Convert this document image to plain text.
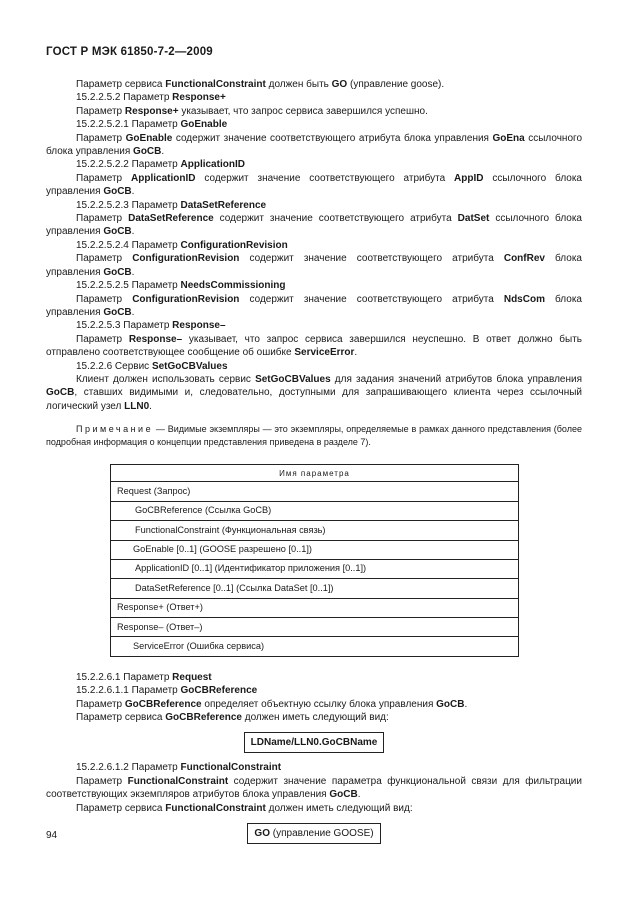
ГОСТ Р МЭК 61850-7-2—2009

Параметр сервиса FunctionalConstraint должен быть GO (управление goose).

15.2.2.5.2 Параметр Response+

Параметр Response+ указывает, что запрос сервиса завершился успешно.

15.2.2.5.2.1 Параметр GoEnable

Параметр GoEnable содержит значение соответствующего атрибута блока управления GoEna ссылочного блока управления GoCB.

15.2.2.5.2.2 Параметр ApplicationID

Параметр ApplicationID содержит значение соответствующего атрибута AppID ссылочного блока управления GoCB.

15.2.2.5.2.3 Параметр DataSetReference

Параметр DataSetReference содержит значение соответствующего атрибута DatSet ссылочного блока управления GoCB.

15.2.2.5.2.4 Параметр ConfigurationRevision

Параметр ConfigurationRevision содержит значение соответствующего атрибута ConfRev блока управления GoCB.

15.2.2.5.2.5 Параметр NeedsCommissioning

Параметр ConfigurationRevision содержит значение соответствующего атрибута NdsCom блока управления GoCB.

15.2.2.5.3 Параметр Response–

Параметр Response– указывает, что запрос сервиса завершился неуспешно. В ответ должно быть отправлено соответствующее сообщение об ошибке ServiceError.

15.2.2.6 Сервис SetGoCBValues

Клиент должен использовать сервис SetGoCBValues для задания значений атрибутов блока управления GoCB, ставших видимыми и, следовательно, доступными для запрашивающего клиента через ссылочный логический узел LLN0.

Примечание — Видимые экземпляры — это экземпляры, определяемые в рамках данного представления (более подробная информация о концепции представления приведена в разделе 7).

Имя параметра
Request (Запрос)
GoCBReference (Ссылка GoCB)
FunctionalConstraint (Функциональная связь)
GoEnable [0..1] (GOOSE разрешено [0..1])
ApplicationID [0..1] (Идентификатор приложения [0..1])
DataSetReference [0..1] (Ссылка DataSet [0..1])
Response+ (Ответ+)
Response– (Ответ–)
ServiceError (Ошибка сервиса)

15.2.2.6.1 Параметр Request

15.2.2.6.1.1 Параметр GoCBReference

Параметр GoCBReference определяет объектную ссылку блока управления GoCB.

Параметр сервиса GoCBReference должен иметь следующий вид:

LDName/LLN0.GoCBName

15.2.2.6.1.2 Параметр FunctionalConstraint

Параметр FunctionalConstraint содержит значение параметра функциональной связи для фильтрации соответствующих экземпляров атрибутов блока управления GoCB.

Параметр сервиса FunctionalConstraint должен иметь следующий вид:

GO (управление GOOSE)
94
